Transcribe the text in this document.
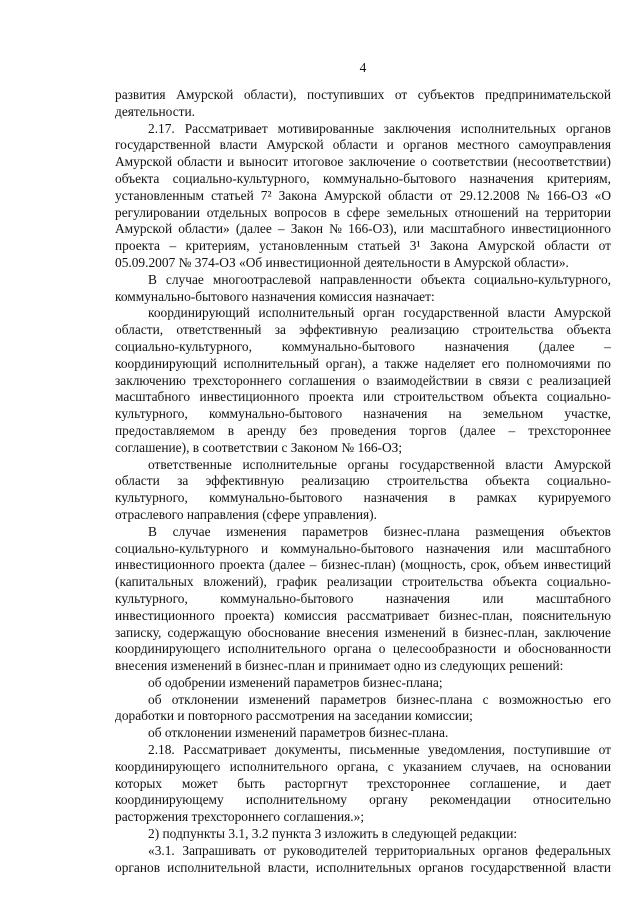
4
развития Амурской области), поступивших от субъектов предпринимательской
деятельности.
2.17. Рассматривает мотивированные заключения исполнительных органов
государственной власти Амурской области и органов местного самоуправления
Амурской области и выносит итоговое заключение о соответствии (несоответствии)
объекта социально-культурного, коммунально-бытового назначения критериям,
установленным статьей 7² Закона Амурской области от 29.12.2008 № 166-ОЗ «О
регулировании отдельных вопросов в сфере земельных отношений на территории
Амурской области» (далее – Закон № 166-ОЗ), или масштабного инвестиционного
проекта – критериям, установленным статьей 3¹ Закона Амурской области от
05.09.2007 № 374-ОЗ «Об инвестиционной деятельности в Амурской области».
В случае многоотраслевой направленности объекта социально-культурного,
коммунально-бытового назначения комиссия назначает:
координирующий исполнительный орган государственной власти Амурской
области, ответственный за эффективную реализацию строительства объекта
социально-культурного, коммунально-бытового назначения (далее –
координирующий исполнительный орган), а также наделяет его полномочиями по
заключению трехстороннего соглашения о взаимодействии в связи с реализацией
масштабного инвестиционного проекта или строительством объекта социально-
культурного, коммунально-бытового назначения на земельном участке,
предоставляемом в аренду без проведения торгов (далее – трехстороннее
соглашение), в соответствии с Законом № 166-ОЗ;
ответственные исполнительные органы государственной власти Амурской
области за эффективную реализацию строительства объекта социально-
культурного, коммунально-бытового назначения в рамках курируемого
отраслевого направления (сфере управления).
В случае изменения параметров бизнес-плана размещения объектов
социально-культурного и коммунально-бытового назначения или масштабного
инвестиционного проекта (далее – бизнес-план) (мощность, срок, объем инвестиций
(капитальных вложений), график реализации строительства объекта социально-
культурного, коммунально-бытового назначения или масштабного
инвестиционного проекта) комиссия рассматривает бизнес-план, пояснительную
записку, содержащую обоснование внесения изменений в бизнес-план, заключение
координирующего исполнительного органа о целесообразности и обоснованности
внесения изменений в бизнес-план и принимает одно из следующих решений:
об одобрении изменений параметров бизнес-плана;
об отклонении изменений параметров бизнес-плана с возможностью его
доработки и повторного рассмотрения на заседании комиссии;
об отклонении изменений параметров бизнес-плана.
2.18. Рассматривает документы, письменные уведомления, поступившие от
координирующего исполнительного органа, с указанием случаев, на основании
которых может быть расторгнут трехстороннее соглашение, и дает
координирующему исполнительному органу рекомендации относительно
расторжения трехстороннего соглашения.»;
2) подпункты 3.1, 3.2 пункта 3 изложить в следующей редакции:
«3.1. Запрашивать от руководителей территориальных органов федеральных
органов исполнительной власти, исполнительных органов государственной власти
